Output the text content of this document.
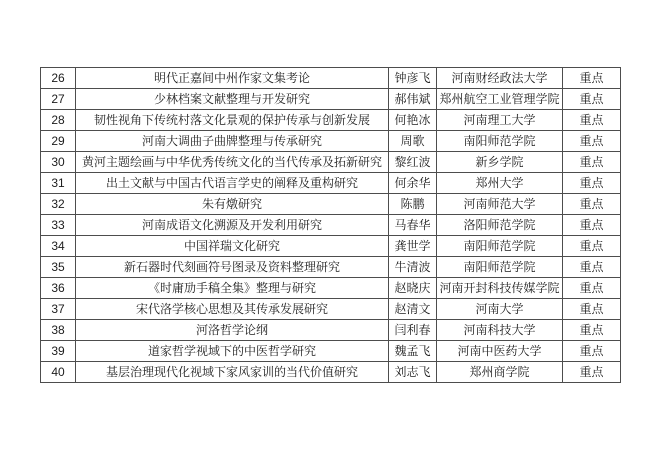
26	明代正嘉间中州作家文集考论	钟彦飞	河南财经政法大学	重点
27	少林档案文献整理与开发研究	郝伟斌	郑州航空工业管理学院	重点
28	韧性视角下传统村落文化景观的保护传承与创新发展	何艳冰	河南理工大学	重点
29	河南大调曲子曲牌整理与传承研究	周歌	南阳师范学院	重点
30	黄河主题绘画与中华优秀传统文化的当代传承及拓新研究	黎红波	新乡学院	重点
31	出土文献与中国古代语言学史的阐释及重构研究	何余华	郑州大学	重点
32	朱有燉研究	陈鹏	河南师范大学	重点
33	河南成语文化溯源及开发利用研究	马春华	洛阳师范学院	重点
34	中国祥瑞文化研究	龚世学	南阳师范学院	重点
35	新石器时代刻画符号图录及资料整理研究	牛清波	南阳师范学院	重点
36	《时庸劢手稿全集》整理与研究	赵晓庆	河南开封科技传媒学院	重点
37	宋代洛学核心思想及其传承发展研究	赵清文	河南大学	重点
38	河洛哲学论纲	闫利春	河南科技大学	重点
39	道家哲学视域下的中医哲学研究	魏孟飞	河南中医药大学	重点
40	基层治理现代化视域下家风家训的当代价值研究	刘志飞	郑州商学院	重点
